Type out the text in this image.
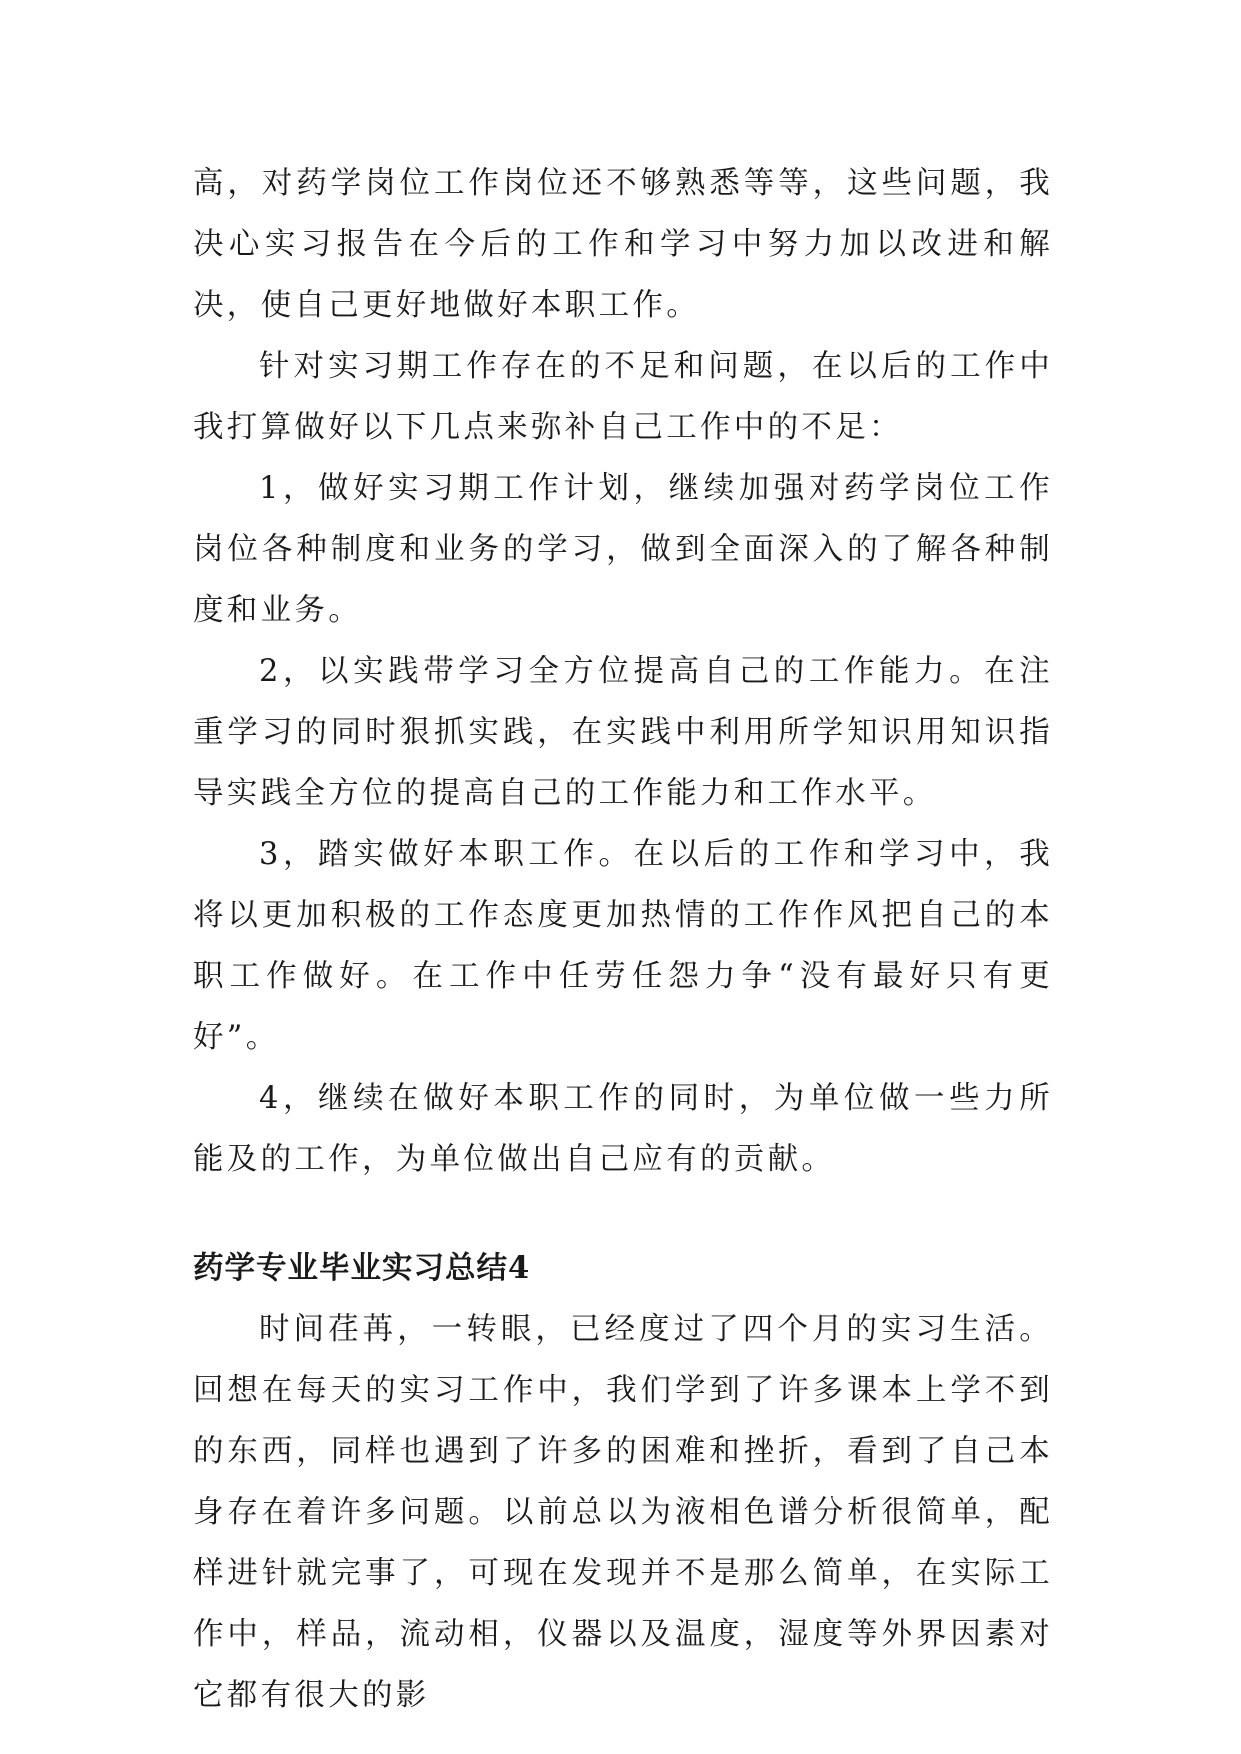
高，对药学岗位工作岗位还不够熟悉等等，这些问题，我决心实习报告在今后的工作和学习中努力加以改进和解决，使自己更好地做好本职工作。

针对实习期工作存在的不足和问题，在以后的工作中我打算做好以下几点来弥补自己工作中的不足：

1，做好实习期工作计划，继续加强对药学岗位工作岗位各种制度和业务的学习，做到全面深入的了解各种制度和业务。

2，以实践带学习全方位提高自己的工作能力。在注重学习的同时狠抓实践，在实践中利用所学知识用知识指导实践全方位的提高自己的工作能力和工作水平。

3，踏实做好本职工作。在以后的工作和学习中，我将以更加积极的工作态度更加热情的工作作风把自己的本职工作做好。在工作中任劳任怨力争“没有最好只有更好”。

4，继续在做好本职工作的同时，为单位做一些力所能及的工作，为单位做出自己应有的贡献。

药学专业毕业实习总结4

时间荏苒，一转眼，已经度过了四个月的实习生活。回想在每天的实习工作中，我们学到了许多课本上学不到的东西，同样也遇到了许多的困难和挫折，看到了自己本身存在着许多问题。以前总以为液相色谱分析很简单，配样进针就完事了，可现在发现并不是那么简单，在实际工作中，样品，流动相，仪器以及温度，湿度等外界因素对它都有很大的影
